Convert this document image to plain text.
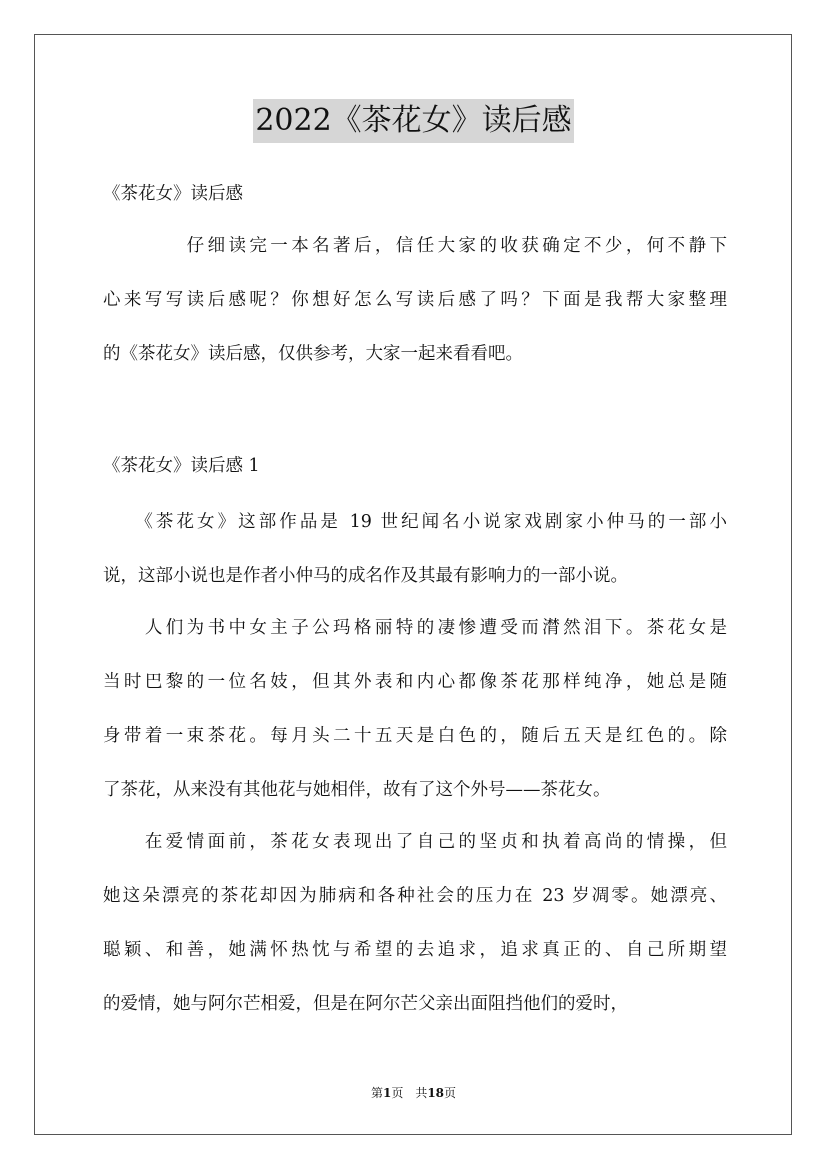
2022《茶花女》读后感
《茶花女》读后感
　　　　仔细读完一本名著后，信任大家的收获确定不少，何不静下
心来写写读后感呢？你想好怎么写读后感了吗？下面是我帮大家整理
的《茶花女》读后感，仅供参考，大家一起来看看吧。
《茶花女》读后感 1
　　《茶花女》这部作品是 19 世纪闻名小说家戏剧家小仲马的一部小
说，这部小说也是作者小仲马的成名作及其最有影响力的一部小说。
　　人们为书中女主子公玛格丽特的凄惨遭受而潸然泪下。茶花女是
当时巴黎的一位名妓，但其外表和内心都像茶花那样纯净，她总是随
身带着一束茶花。每月头二十五天是白色的，随后五天是红色的。除
了茶花，从来没有其他花与她相伴，故有了这个外号——茶花女。
　　在爱情面前，茶花女表现出了自己的坚贞和执着高尚的情操，但
她这朵漂亮的茶花却因为肺病和各种社会的压力在 23 岁凋零。她漂亮、
聪颖、和善，她满怀热忱与希望的去追求，追求真正的、自己所期望
的爱情，她与阿尔芒相爱，但是在阿尔芒父亲出面阻挡他们的爱时，
第1页　共18页
